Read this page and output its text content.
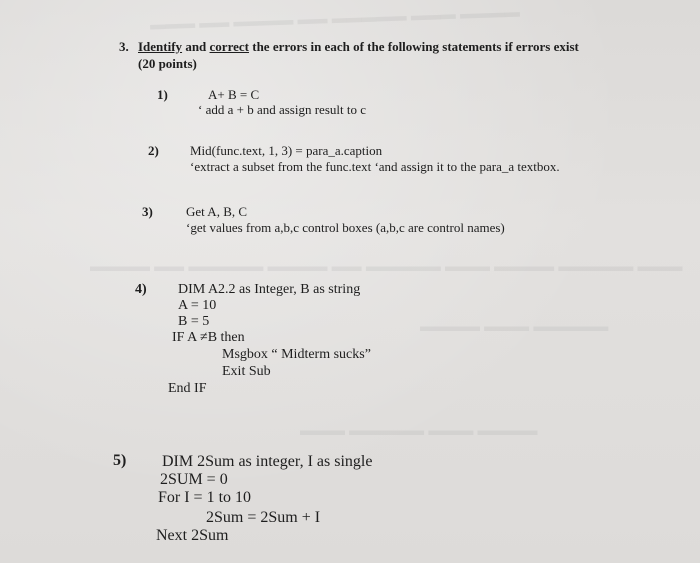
▬▬▬ ▬▬ ▬▬▬▬ ▬▬ ▬▬▬▬▬ ▬▬▬ ▬▬▬▬
▬▬▬▬ ▬▬ ▬▬▬▬▬ ▬▬▬▬ ▬▬ ▬▬▬▬▬ ▬▬▬ ▬▬▬▬ ▬▬▬▬▬ ▬▬▬
▬▬▬▬ ▬▬▬ ▬▬▬▬▬
▬▬▬ ▬▬▬▬▬ ▬▬▬ ▬▬▬▬
3. Identify and correct the errors in each of the following statements if errors exist
(20 points)
1)	A+ B = C
‘ add a + b and assign result to c
2) Mid(func.text, 1, 3) = para_a.caption
‘extract a subset from the func.text ‘and assign it to the para_a textbox.
3)	Get A, B, C
‘get values from a,b,c control boxes (a,b,c are control names)
4) DIM A2.2 as Integer, B as string
A = 10
B = 5
IF A ≠B then
Msgbox “ Midterm sucks”
Exit Sub
End IF
5) DIM 2Sum as integer, I as single
2SUM = 0
For I = 1 to 10
2Sum = 2Sum + I
Next 2Sum
